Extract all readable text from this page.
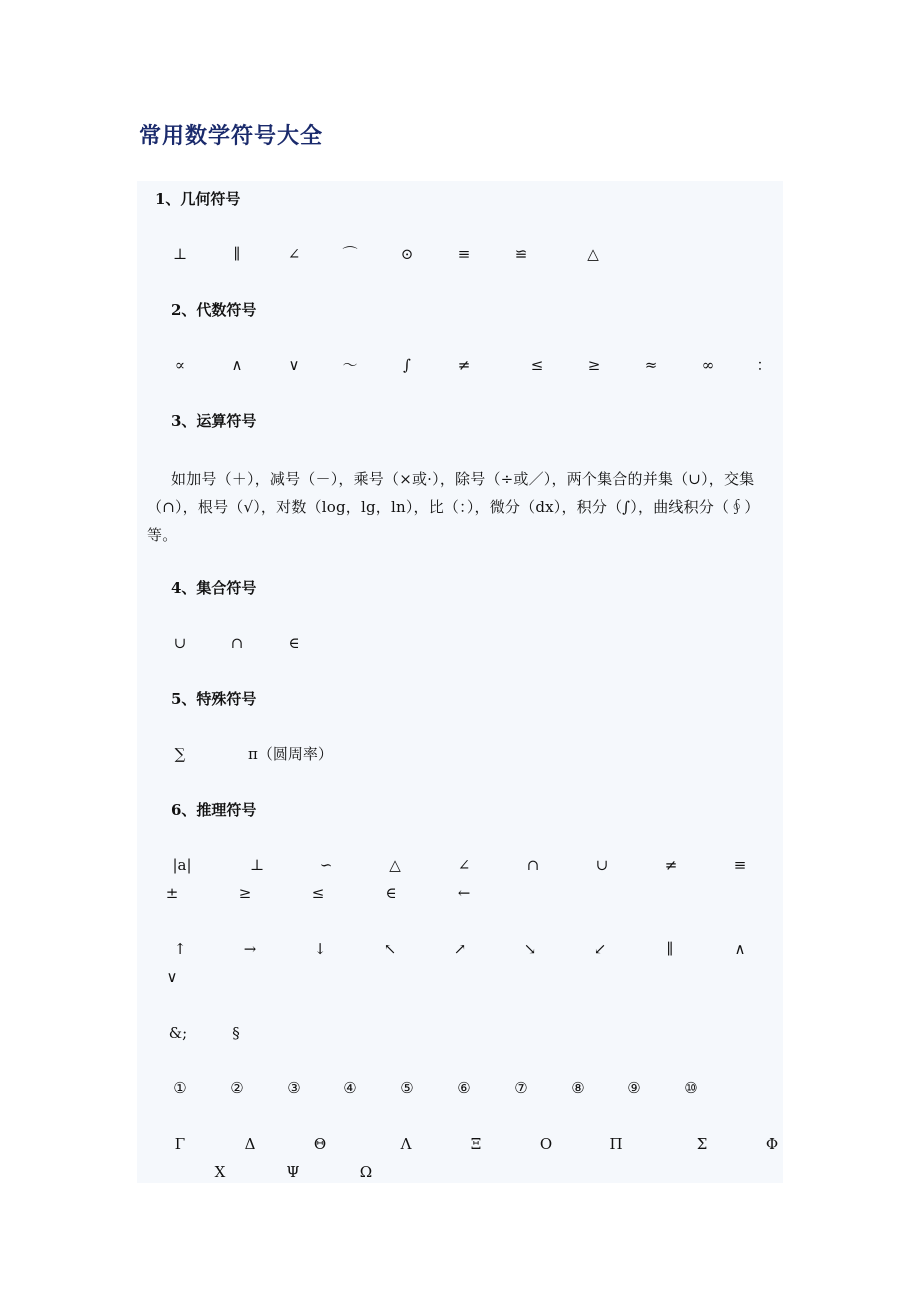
常用数学符号大全
1、几何符号
⊥	∥	∠	⌒	⊙	≡	≌	△
2、代数符号
∝	∧	∨	～	∫	≠	≤	≥	≈	∞	：
3、运算符号
如加号（＋），减号（－），乘号（×或·），除号（÷或／），两个集合的并集（∪），交集（∩），根号（√），对数（log，lg，ln），比（：），微分（dx），积分（∫），曲线积分（∮）等。
4、集合符号
∪	∩	∈
5、特殊符号
∑	π（圆周率）
6、推理符号
|a|	⊥	∽	△	∠	∩	∪	≠	≡
±	≥	≤	∈	←
↑	→	↓	↖	↗	↘	↙	∥	∧
∨
&;	§
①	②	③	④	⑤	⑥	⑦	⑧	⑨	⑩
Γ	Δ	Θ	Λ	Ξ	Ο	Π	Σ	Φ
Χ	Ψ	Ω
